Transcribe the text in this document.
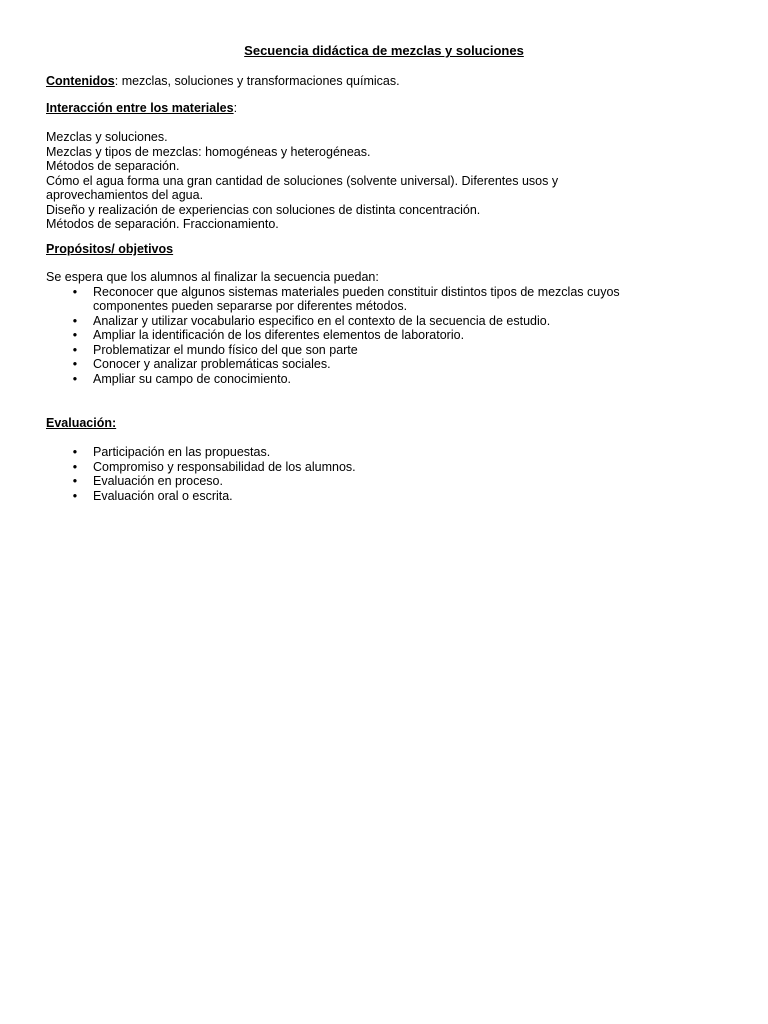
Secuencia didáctica de mezclas y soluciones
Contenidos: mezclas, soluciones y transformaciones químicas.
Interacción entre los materiales:
Mezclas y soluciones.
Mezclas y tipos de mezclas: homogéneas y heterogéneas.
Métodos de separación.
Cómo el agua forma una gran cantidad de soluciones (solvente universal). Diferentes usos y
aprovechamientos del agua.
Diseño y realización de experiencias con soluciones de distinta concentración.
Métodos de separación. Fraccionamiento.
Propósitos/ objetivos
Se espera que los alumnos al finalizar la secuencia puedan:
• Reconocer que algunos sistemas materiales pueden constituir distintos tipos de mezclas cuyos
componentes pueden separarse por diferentes métodos.
• Analizar y utilizar vocabulario especifico en el contexto de la secuencia de estudio.
• Ampliar la identificación de los diferentes elementos de laboratorio.
• Problematizar el mundo físico del que son parte
• Conocer y analizar problemáticas sociales.
• Ampliar su campo de conocimiento.
Evaluación:
• Participación en las propuestas.
• Compromiso y responsabilidad de los alumnos.
• Evaluación en proceso.
• Evaluación oral o escrita.
